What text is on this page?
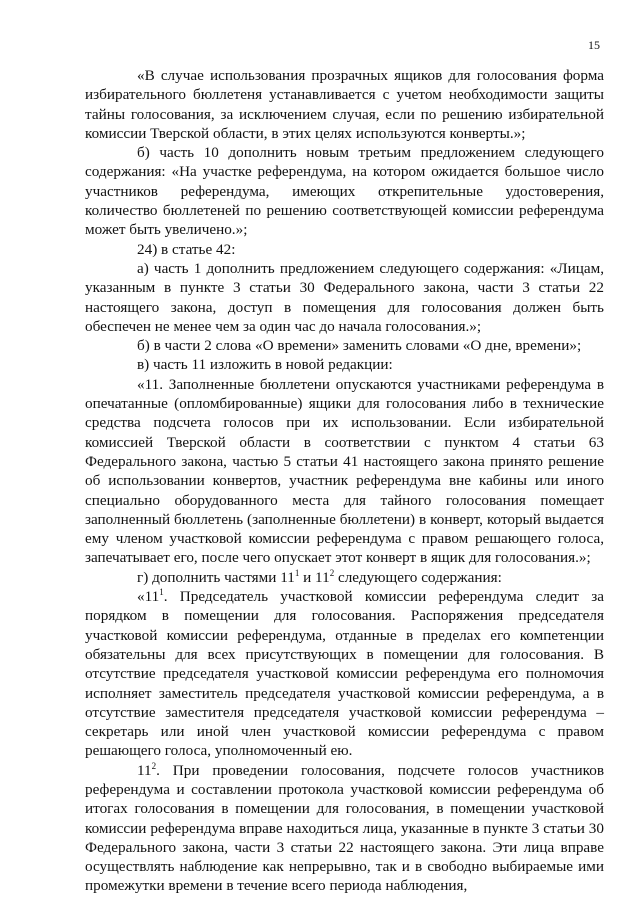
15

«В случае использования прозрачных ящиков для голосования форма избирательного бюллетеня устанавливается с учетом необходимости защиты тайны голосования, за исключением случая, если по решению избирательной комиссии Тверской области, в этих целях используются конверты.»;

б) часть 10 дополнить новым третьим предложением следующего содержания: «На участке референдума, на котором ожидается большое число участников референдума, имеющих открепительные удостоверения, количество бюллетеней по решению соответствующей комиссии референдума может быть увеличено.»;

24) в статье 42:

а) часть 1 дополнить предложением следующего содержания: «Лицам, указанным в пункте 3 статьи 30 Федерального закона, части 3 статьи 22 настоящего закона, доступ в помещения для голосования должен быть обеспечен не менее чем за один час до начала голосования.»;

б) в части 2 слова «О времени» заменить словами «О дне, времени»;

в) часть 11 изложить в новой редакции:

«11. Заполненные бюллетени опускаются участниками референдума в опечатанные (опломбированные) ящики для голосования либо в технические средства подсчета голосов при их использовании. Если избирательной комиссией Тверской области в соответствии с пунктом 4 статьи 63 Федерального закона, частью 5 статьи 41 настоящего закона принято решение об использовании конвертов, участник референдума вне кабины или иного специально оборудованного места для тайного голосования помещает заполненный бюллетень (заполненные бюллетени) в конверт, который выдается ему членом участковой комиссии референдума с правом решающего голоса, запечатывает его, после чего опускает этот конверт в ящик для голосования.»;

г) дополнить частями $11^1$ и $11^2$ следующего содержания:

«$11^1$. Председатель участковой комиссии референдума следит за порядком в помещении для голосования. Распоряжения председателя участковой комиссии референдума, отданные в пределах его компетенции обязательны для всех присутствующих в помещении для голосования. В отсутствие председателя участковой комиссии референдума его полномочия исполняет заместитель председателя участковой комиссии референдума, а в отсутствие заместителя председателя участковой комиссии референдума – секретарь или иной член участковой комиссии референдума с правом решающего голоса, уполномоченный ею.

$11^2$. При проведении голосования, подсчете голосов участников референдума и составлении протокола участковой комиссии референдума об итогах голосования в помещении для голосования, в помещении участковой комиссии референдума вправе находиться лица, указанные в пункте 3 статьи 30 Федерального закона, части 3 статьи 22 настоящего закона. Эти лица вправе осуществлять наблюдение как непрерывно, так и в свободно выбираемые ими промежутки времени в течение всего периода наблюдения,
